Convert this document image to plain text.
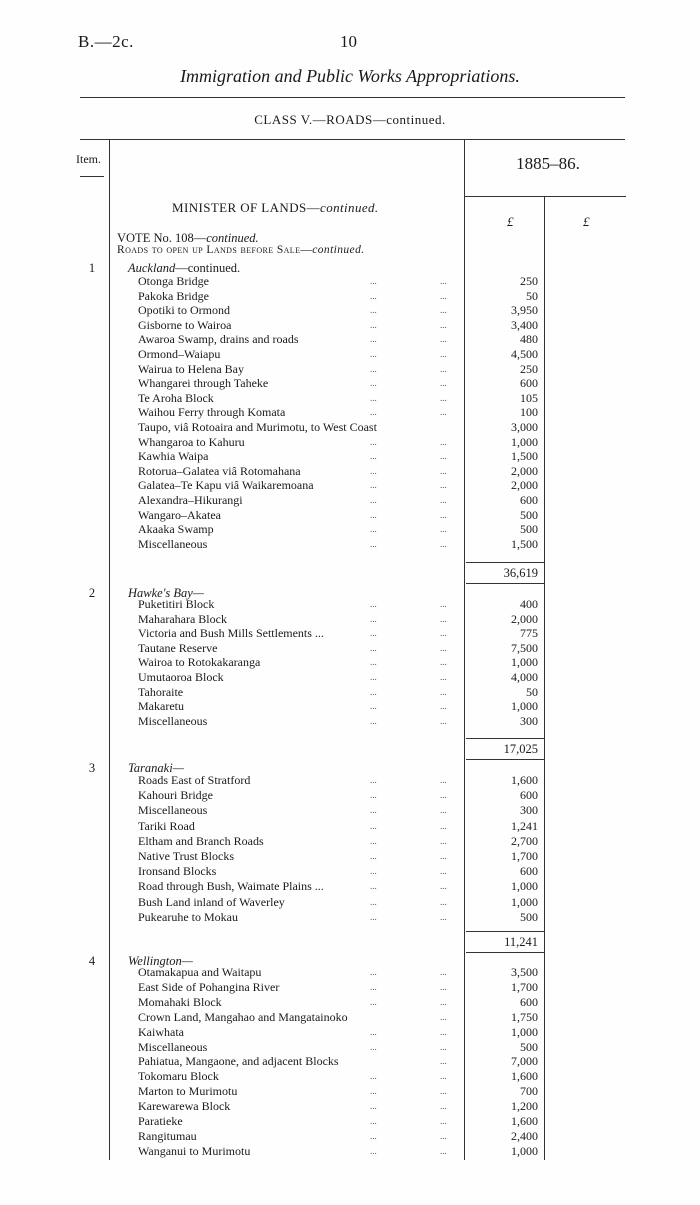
B.—2c.	10
Immigration and Public Works Appropriations.
CLASS V.—ROADS—continued.
Item.	1885–86.
£	£
MINISTER OF LANDS—continued.
VOTE No. 108—continued.
Roads to open up Lands before Sale—continued.
1	Auckland—continued.
Otonga Bridge	...	...	250
Pakoka Bridge	...	...	50
Opotiki to Ormond	...	...	3,950
Gisborne to Wairoa	...	...	3,400
Awaroa Swamp, drains and roads	...	...	480
Ormond–Waiapu	...	...	4,500
Wairua to Helena Bay	...	...	250
Whangarei through Taheke	...	...	600
Te Aroha Block	...	...	105
Waihou Ferry through Komata	...	...	100
Taupo, viâ Rotoaira and Murimotu, to West Coast	3,000
Whangaroa to Kahuru	...	...	1,000
Kawhia Waipa	...	...	1,500
Rotorua–Galatea viâ Rotomahana	...	...	2,000
Galatea–Te Kapu viâ Waikaremoana	...	...	2,000
Alexandra–Hikurangi	...	...	600
Wangaro–Akatea	...	...	500
Akaaka Swamp	...	...	500
Miscellaneous	...	...	1,500
36,619
2	Hawke's Bay—
Puketitiri Block	...	...	400
Maharahara Block	...	...	2,000
Victoria and Bush Mills Settlements ...	...	...	775
Tautane Reserve	...	...	7,500
Wairoa to Rotokakaranga	...	...	1,000
Umutaoroa Block	...	...	4,000
Tahoraite	...	...	50
Makaretu	...	...	1,000
Miscellaneous	...	...	300
17,025
3	Taranaki—
Roads East of Stratford	...	...	1,600
Kahouri Bridge	...	...	600
Miscellaneous	...	...	300
Tariki Road	...	...	1,241
Eltham and Branch Roads	...	...	2,700
Native Trust Blocks	...	...	1,700
Ironsand Blocks	...	...	600
Road through Bush, Waimate Plains ...	...	...	1,000
Bush Land inland of Waverley	...	...	1,000
Pukearuhe to Mokau	...	...	500
11,241
4	Wellington—
Otamakapua and Waitapu	...	...	3,500
East Side of Pohangina River	...	...	1,700
Momahaki Block	...	...	600
Crown Land, Mangahao and Mangatainoko	...	1,750
Kaiwhata	...	...	1,000
Miscellaneous	...	...	500
Pahiatua, Mangaone, and adjacent Blocks	...	7,000
Tokomaru Block	...	...	1,600
Marton to Murimotu	...	...	700
Karewarewa Block	...	...	1,200
Paratieke	...	...	1,600
Rangitumau	...	...	2,400
Wanganui to Murimotu	...	...	1,000
